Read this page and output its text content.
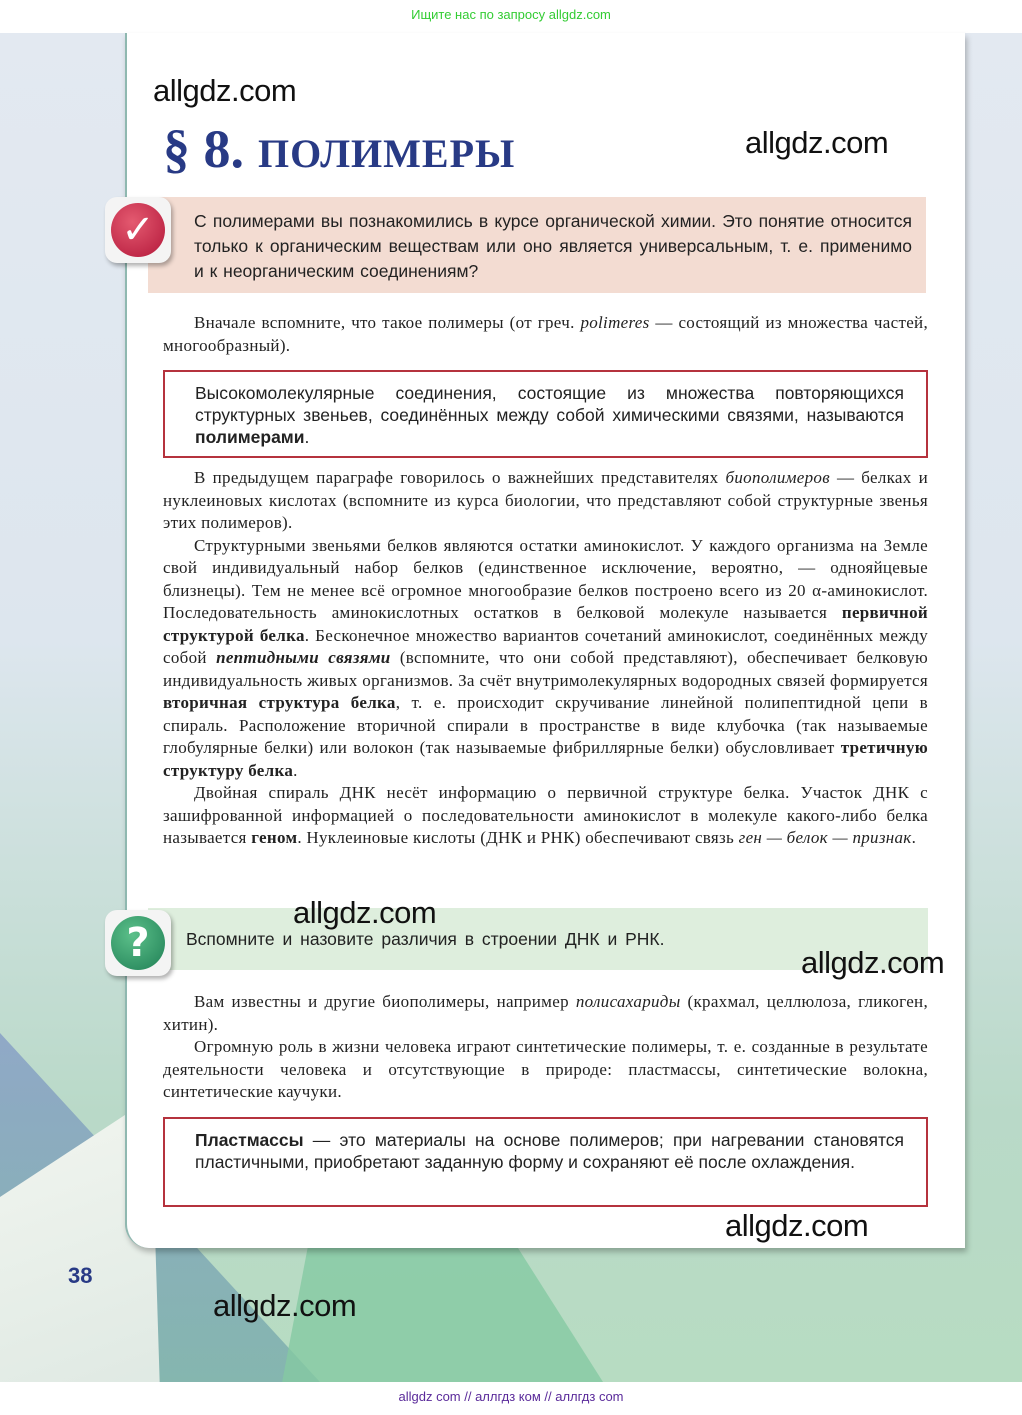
Ищите нас по запросу allgdz.com
allgdz.com
allgdz.com
§ 8. ПОЛИМЕРЫ

С полимерами вы познакомились в курсе органической химии. Это понятие относится только к органическим веществам или оно является универсальным, т. е. применимо и к неорганическим соединениям?

✓

Вначале вспомните, что такое полимеры (от греч. polimeres — состоящий из множества частей, многообразный).

Высокомолекулярные соединения, состоящие из множества повторяющихся структурных звеньев, соединённых между собой химическими связями, называются полимерами.

В предыдущем параграфе говорилось о важнейших представителях биополимеров — белках и нуклеиновых кислотах (вспомните из курса биологии, что представляют собой структурные звенья этих полимеров).

Структурными звеньями белков являются остатки аминокислот. У каждого организма на Земле свой индивидуальный набор белков (единственное исключение, вероятно, — однояйцевые близнецы). Тем не менее всё огромное многообразие белков построено всего из 20 α-аминокислот. Последовательность аминокислотных остатков в белковой молекуле называется первичной структурой белка. Бесконечное множество вариантов сочетаний аминокислот, соединённых между собой пептидными связями (вспомните, что они собой представляют), обеспечивает белковую индивидуальность живых организмов. За счёт внутримолекулярных водородных связей формируется вторичная структура белка, т. е. происходит скручивание линейной полипептидной цепи в спираль. Расположение вторичной спирали в пространстве в виде клубочка (так называемые глобулярные белки) или волокон (так называемые фибриллярные белки) обусловливает третичную структуру белка.

Двойная спираль ДНК несёт информацию о первичной структуре белка. Участок ДНК с зашифрованной информацией о последовательности аминокислот в молекуле какого-либо белка называется геном. Нуклеиновые кислоты (ДНК и РНК) обеспечивают связь ген — белок — признак.

Вспомните и назовите различия в строении ДНК и РНК.

?
allgdz.com
allgdz.com

Вам известны и другие биополимеры, например полисахариды (крахмал, целлюлоза, гликоген, хитин).

Огромную роль в жизни человека играют синтетические полимеры, т. е. созданные в результате деятельности человека и отсутствующие в природе: пластмассы, синтетические волокна, синтетические каучуки.

Пластмассы — это материалы на основе полимеров; при нагревании становятся пластичными, приобретают заданную форму и сохраняют её после охлаждения.
allgdz.com
38
allgdz.com
allgdz com // аллгдз ком // аллгдз com
